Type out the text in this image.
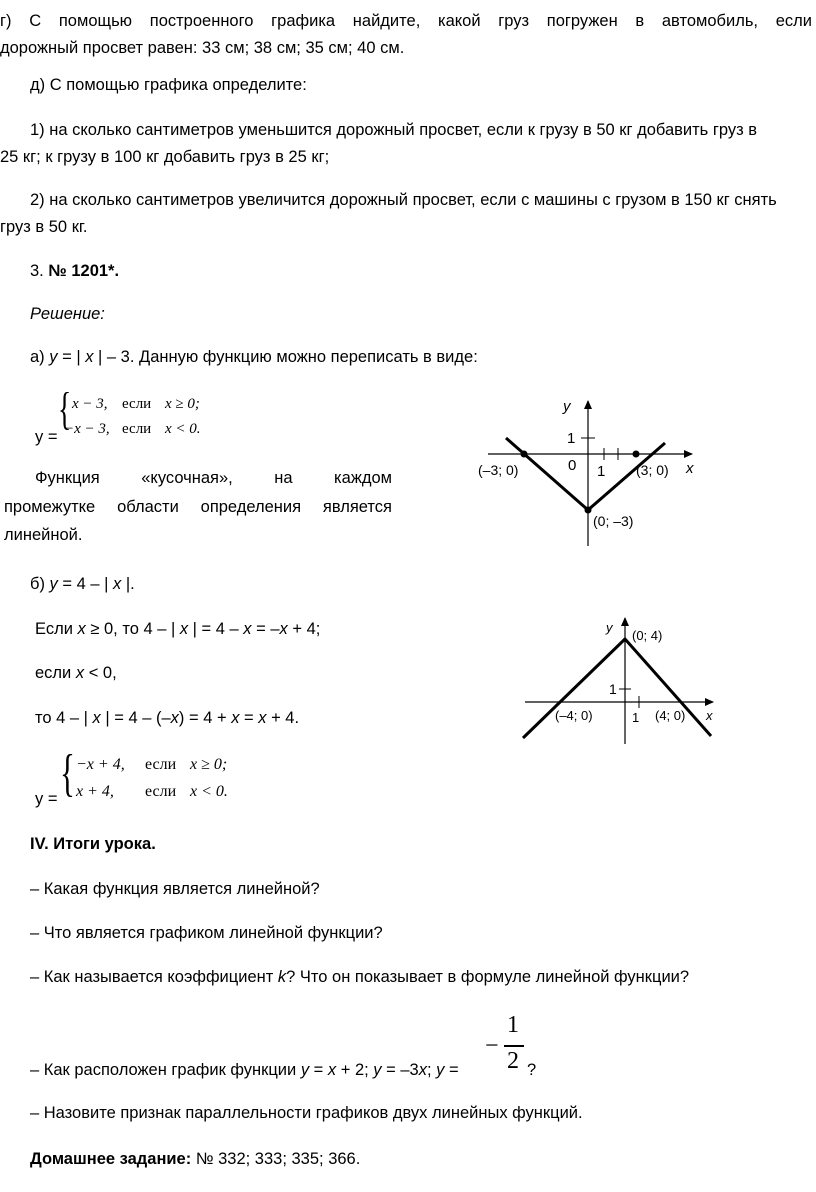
г) С помощью построенного графика найдите, какой груз погружен в автомобиль, если
дорожный просвет равен: 33 см; 38 см; 35 см; 40 см.
д) С помощью графика определите:
1) на сколько сантиметров уменьшится дорожный просвет, если к грузу в 50 кг добавить груз в
25 кг; к грузу в 100 кг добавить груз в 25 кг;
2) на сколько сантиметров увеличится дорожный просвет, если с машины с грузом в 150 кг снять
груз в 50 кг.
3. № 1201*.
Решение:
а) y = | x | – 3. Данную функцию можно переписать в виде:
y =
{ x − 3, если x ≥ 0;
−x − 3, если x < 0.
Функция «кусочная», на каждом
промежутке области определения является
линейной.
y
x
1
0 1
(–3; 0)	(3; 0)
(0; –3)
б) y = 4 – | x |.
Если x ≥ 0, то 4 – | x | = 4 – x = –x + 4;
если x < 0,
то 4 – | x | = 4 – (–x) = 4 + x = x + 4.
y = { −x + 4, если x ≥ 0;
x + 4, если x < 0.
y
x
1
1
(0; 4)
(–4; 0)	(4; 0)
IV. Итоги урока.
– Какая функция является линейной?
– Что является графиком линейной функции?
– Как называется коэффициент k? Что он показывает в формуле линейной функции?
– Как расположен график функции y = x + 2; y = –3x; y =
−
1
2 ?
– Назовите признак параллельности графиков двух линейных функций.
Домашнее задание: № 332; 333; 335; 366.
